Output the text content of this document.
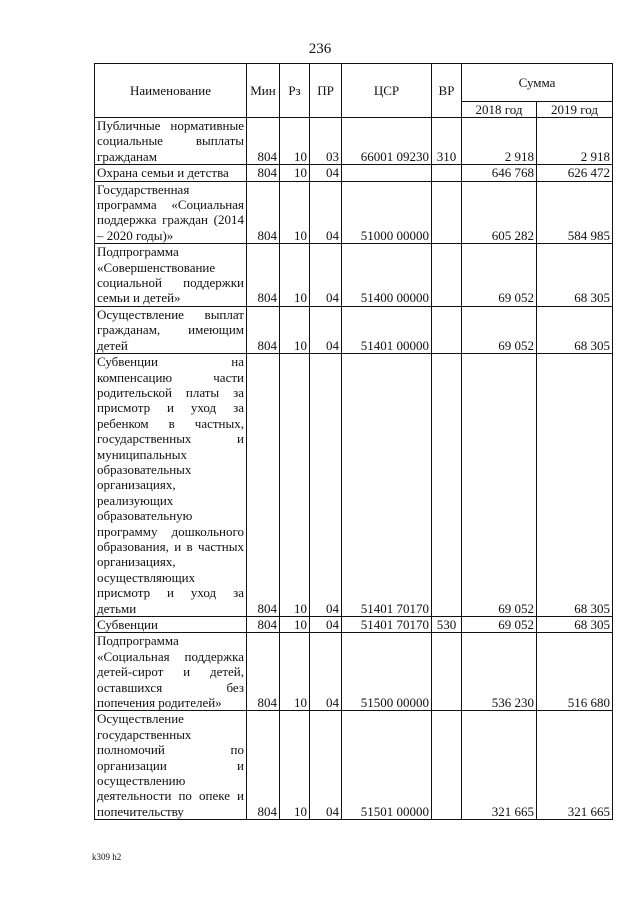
236
Наименование	Мин	Рз	ПР	ЦСР	ВР	Сумма	
						2018 год	2019 год
Публичные нормативные социальные выплаты гражданам	804	10	03	66001 09230	310	2 918	2 918
Охрана семьи и детства	804	10	04			646 768	626 472
Государственная программа «Социальная поддержка граждан (2014 – 2020 годы)»	804	10	04	51000 00000		605 282	584 985
Подпрограмма «Совершенствование социальной поддержки семьи и детей»	804	10	04	51400 00000		69 052	68 305
Осуществление выплат гражданам, имеющим детей	804	10	04	51401 00000		69 052	68 305
Субвенции на компенсацию части родительской платы за присмотр и уход за ребенком в частных, государственных и муниципальных образовательных организациях, реализующих образовательную программу дошкольного образования, и в частных организациях, осуществляющих присмотр и уход за детьми	804	10	04	51401 70170		69 052	68 305
Субвенции	804	10	04	51401 70170	530	69 052	68 305
Подпрограмма «Социальная поддержка детей-сирот и детей, оставшихся без попечения родителей»	804	10	04	51500 00000		536 230	516 680
Осуществление государственных полномочий по организации и осуществлению деятельности по опеке и попечительству	804	10	04	51501 00000		321 665	321 665
k309 h2
